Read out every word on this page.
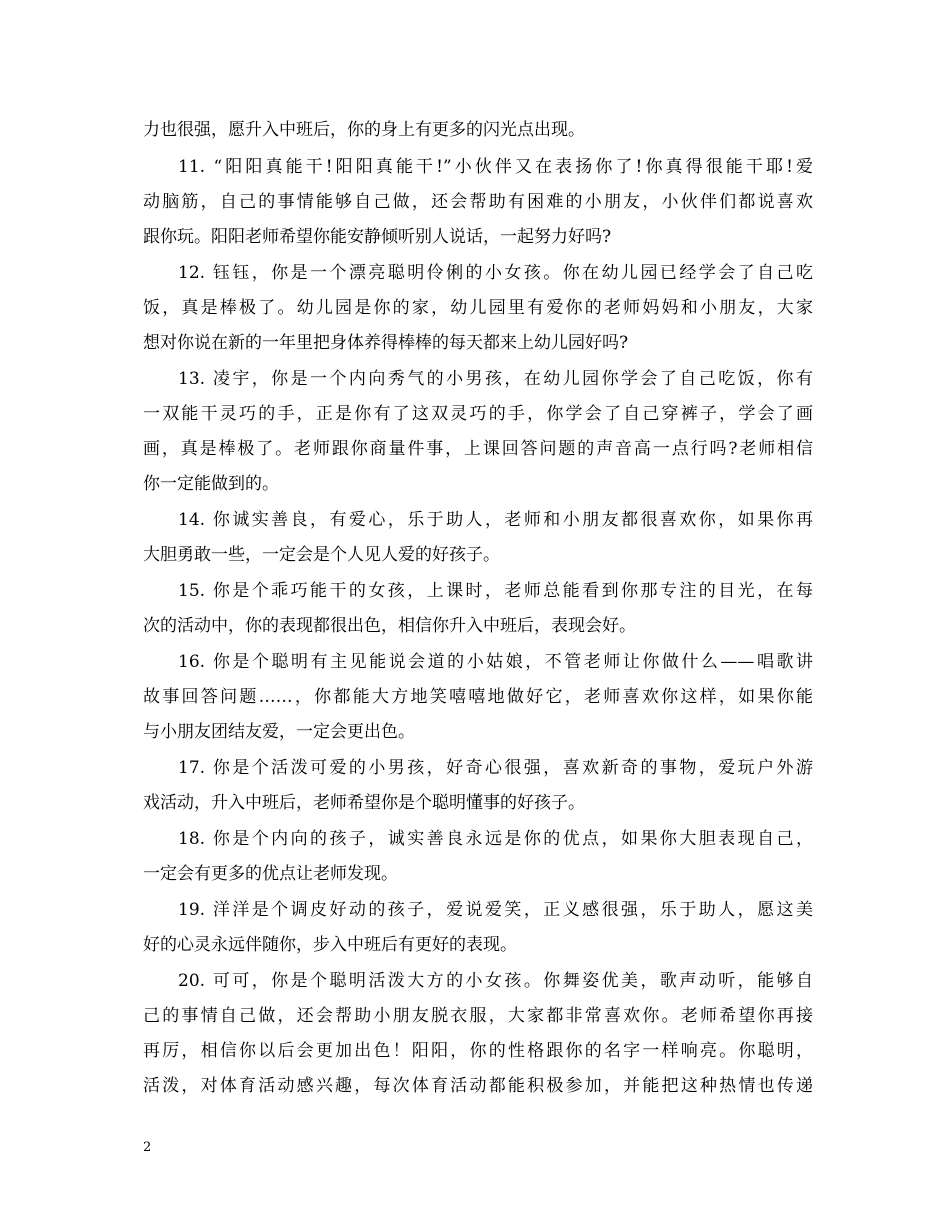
力也很强，愿升入中班后，你的身上有更多的闪光点出现。
11. “阳阳真能干!阳阳真能干!”小伙伴又在表扬你了!你真得很能干耶!爱
动脑筋，自己的事情能够自己做，还会帮助有困难的小朋友，小伙伴们都说喜欢
跟你玩。阳阳老师希望你能安静倾听别人说话，一起努力好吗?
12. 钰钰，你是一个漂亮聪明伶俐的小女孩。你在幼儿园已经学会了自己吃
饭，真是棒极了。幼儿园是你的家，幼儿园里有爱你的老师妈妈和小朋友，大家
想对你说在新的一年里把身体养得棒棒的每天都来上幼儿园好吗?
13. 凌宇，你是一个内向秀气的小男孩，在幼儿园你学会了自己吃饭，你有
一双能干灵巧的手，正是你有了这双灵巧的手，你学会了自己穿裤子，学会了画
画，真是棒极了。老师跟你商量件事，上课回答问题的声音高一点行吗?老师相信
你一定能做到的。
14. 你诚实善良，有爱心，乐于助人，老师和小朋友都很喜欢你，如果你再
大胆勇敢一些，一定会是个人见人爱的好孩子。
15. 你是个乖巧能干的女孩，上课时，老师总能看到你那专注的目光，在每
次的活动中，你的表现都很出色，相信你升入中班后，表现会好。
16. 你是个聪明有主见能说会道的小姑娘，不管老师让你做什么——唱歌讲
故事回答问题……，你都能大方地笑嘻嘻地做好它，老师喜欢你这样，如果你能
与小朋友团结友爱，一定会更出色。
17. 你是个活泼可爱的小男孩，好奇心很强，喜欢新奇的事物，爱玩户外游
戏活动，升入中班后，老师希望你是个聪明懂事的好孩子。
18. 你是个内向的孩子，诚实善良永远是你的优点，如果你大胆表现自己，
一定会有更多的优点让老师发现。
19. 洋洋是个调皮好动的孩子，爱说爱笑，正义感很强，乐于助人，愿这美
好的心灵永远伴随你，步入中班后有更好的表现。
20. 可可，你是个聪明活泼大方的小女孩。你舞姿优美，歌声动听，能够自
己的事情自己做，还会帮助小朋友脱衣服，大家都非常喜欢你。老师希望你再接
再厉，相信你以后会更加出色！阳阳，你的性格跟你的名字一样响亮。你聪明，
活泼，对体育活动感兴趣，每次体育活动都能积极参加，并能把这种热情也传递
2
